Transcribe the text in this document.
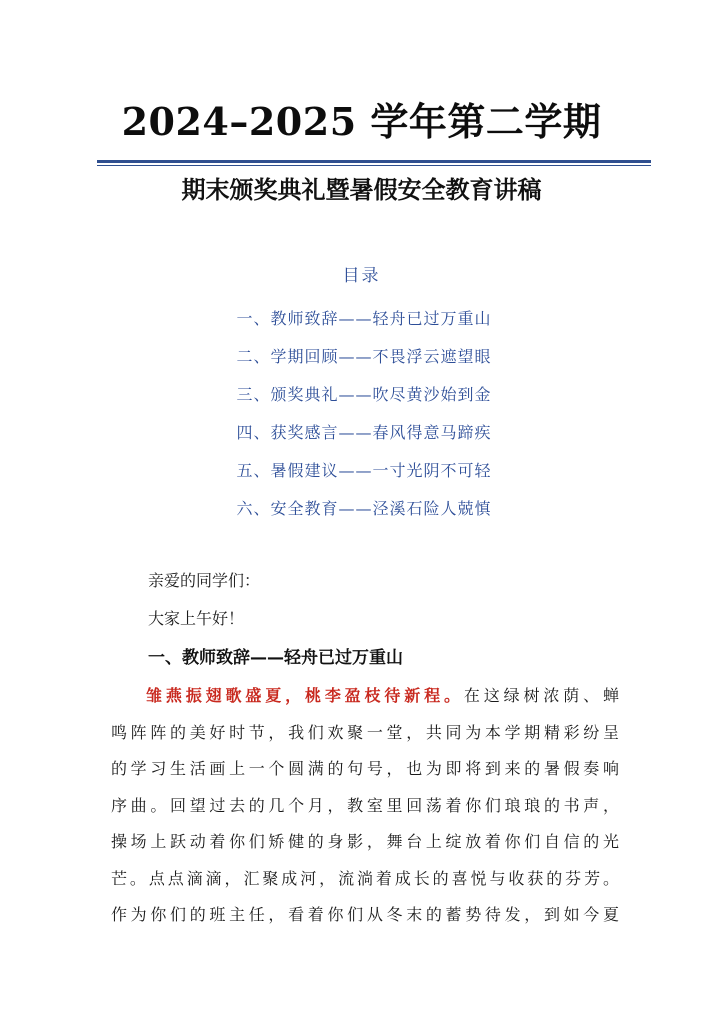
2024–2025 学年第二学期
期末颁奖典礼暨暑假安全教育讲稿
目录
一、教师致辞——轻舟已过万重山
二、学期回顾——不畏浮云遮望眼
三、颁奖典礼——吹尽黄沙始到金
四、获奖感言——春风得意马蹄疾
五、暑假建议——一寸光阴不可轻
六、安全教育——泾溪石险人兢慎
亲爱的同学们：
大家上午好！
一、教师致辞——轻舟已过万重山
雏燕振翅歌盛夏，桃李盈枝待新程。在这绿树浓荫、蝉
鸣阵阵的美好时节，我们欢聚一堂，共同为本学期精彩纷呈
的学习生活画上一个圆满的句号，也为即将到来的暑假奏响
序曲。回望过去的几个月，教室里回荡着你们琅琅的书声，
操场上跃动着你们矫健的身影，舞台上绽放着你们自信的光
芒。点点滴滴，汇聚成河，流淌着成长的喜悦与收获的芬芳。
作为你们的班主任，看着你们从冬末的蓄势待发，到如今夏
